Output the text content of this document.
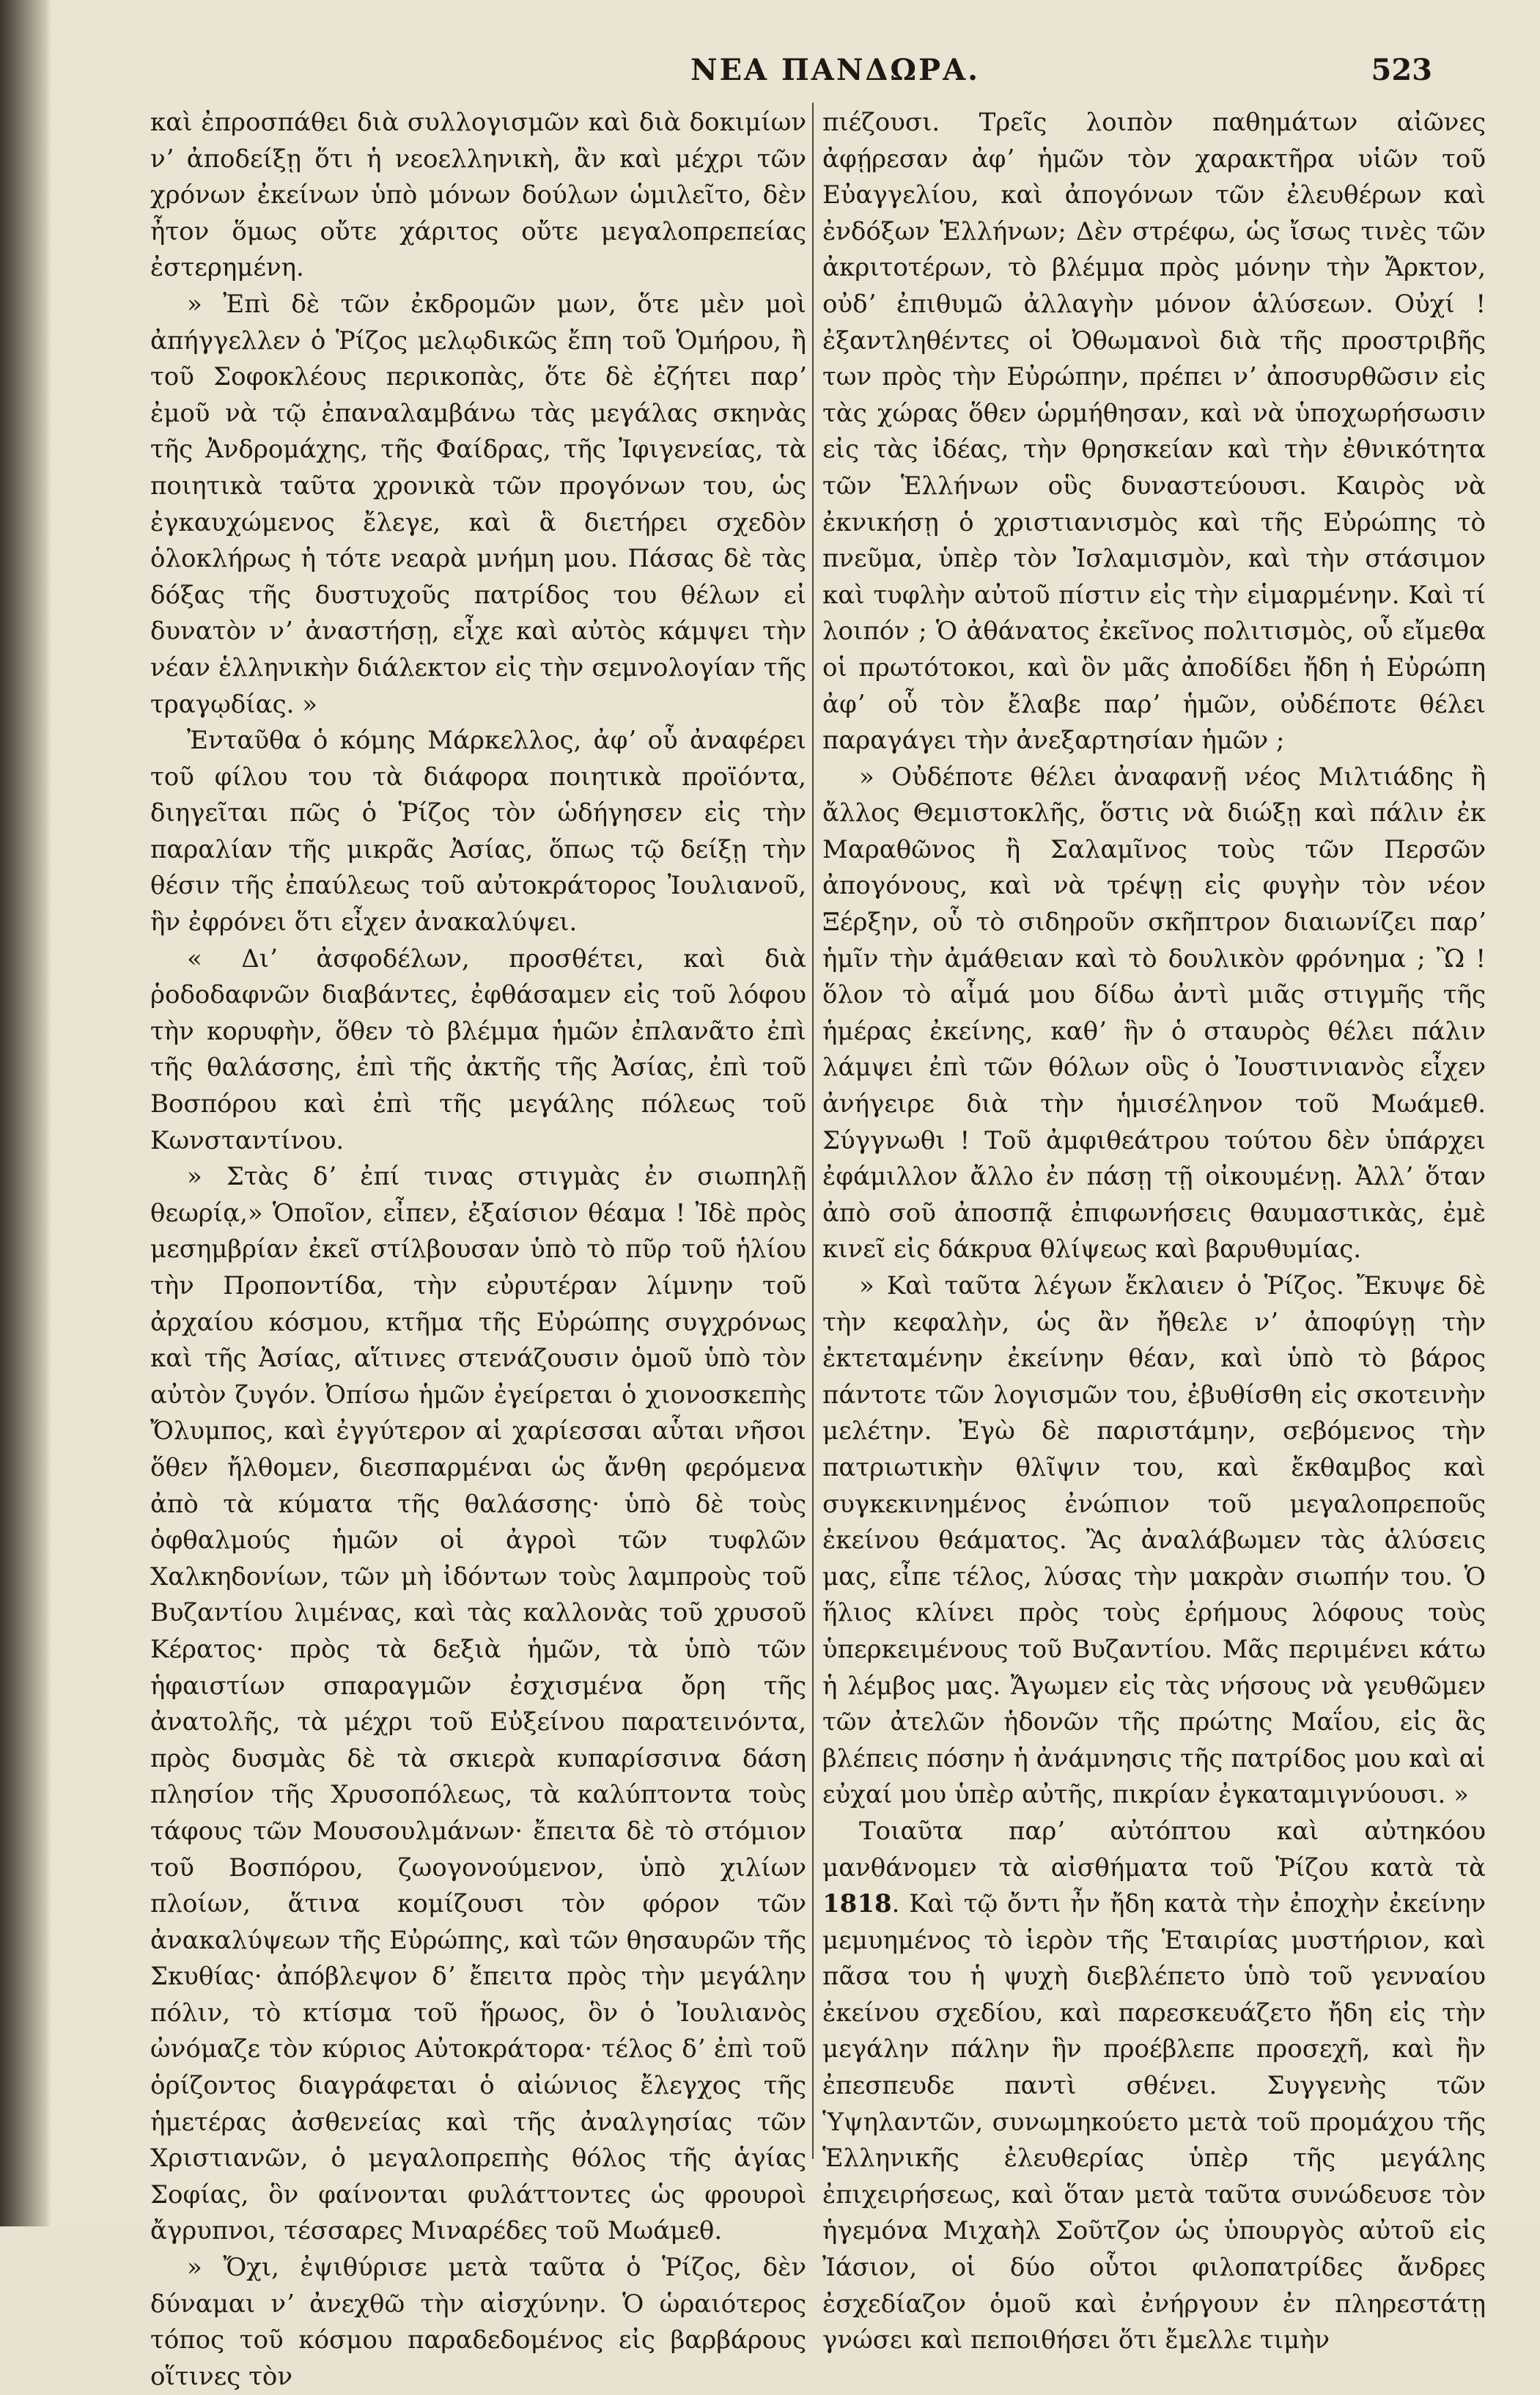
ΝΕΑ ΠΑΝΔΩΡΑ.	523

καὶ ἐπροσπάθει διὰ συλλογισμῶν καὶ διὰ δοκιμίων νʼ ἀποδείξῃ ὅτι ἡ νεοελληνικὴ, ἂν καὶ μέχρι τῶν χρόνων ἐκείνων ὑπὸ μόνων δούλων ὡμιλεῖτο, δὲν ἦτον ὅμως οὔτε χάριτος οὔτε μεγαλοπρεπείας ἐστερημένη.

» Ἐπὶ δὲ τῶν ἐκδρομῶν μων, ὅτε μὲν μοὶ ἀπήγγελλεν ὁ Ῥίζος μελῳδικῶς ἔπη τοῦ Ὁμήρου, ἢ τοῦ Σοφοκλέους περικοπὰς, ὅτε δὲ ἐζήτει παρʼ ἐμοῦ νὰ τῷ ἐπαναλαμβάνω τὰς μεγάλας σκηνὰς τῆς Ἀνδρομάχης, τῆς Φαίδρας, τῆς Ἰφιγενείας, τὰ ποιητικὰ ταῦτα χρονικὰ τῶν προγόνων του, ὡς ἐγκαυχώμενος ἔλεγε, καὶ ἃ διετήρει σχεδὸν ὁλοκλήρως ἡ τότε νεαρὰ μνήμη μου. Πάσας δὲ τὰς δόξας τῆς δυστυχοῦς πατρίδος του θέλων εἰ δυνατὸν νʼ ἀναστήσῃ, εἶχε καὶ αὐτὸς κάμψει τὴν νέαν ἑλληνικὴν διάλεκτον εἰς τὴν σεμνολογίαν τῆς τραγῳδίας. »

Ἐνταῦθα ὁ κόμης Μάρκελλος, ἀφʼ οὗ ἀναφέρει τοῦ φίλου του τὰ διάφορα ποιητικὰ προϊόντα, διηγεῖται πῶς ὁ Ῥίζος τὸν ὡδήγησεν εἰς τὴν παραλίαν τῆς μικρᾶς Ἀσίας, ὅπως τῷ δείξῃ τὴν θέσιν τῆς ἐπαύλεως τοῦ αὐτοκράτορος Ἰουλιανοῦ, ἣν ἐφρόνει ὅτι εἶχεν ἀνακαλύψει.

« Διʼ ἀσφοδέλων, προσθέτει, καὶ διὰ ῥοδοδαφνῶν διαβάντες, ἐφθάσαμεν εἰς τοῦ λόφου τὴν κορυφὴν, ὅθεν τὸ βλέμμα ἡμῶν ἐπλανᾶτο ἐπὶ τῆς θαλάσσης, ἐπὶ τῆς ἀκτῆς τῆς Ἀσίας, ἐπὶ τοῦ Βοσπόρου καὶ ἐπὶ τῆς μεγάλης πόλεως τοῦ Κωνσταντίνου.

» Στὰς δʼ ἐπί τινας στιγμὰς ἐν σιωπηλῇ θεωρίᾳ,» Ὁποῖον, εἶπεν, ἐξαίσιον θέαμα ! Ἰδὲ πρὸς μεσημβρίαν ἐκεῖ στίλβουσαν ὑπὸ τὸ πῦρ τοῦ ἡλίου τὴν Προποντίδα, τὴν εὐρυτέραν λίμνην τοῦ ἀρχαίου κόσμου, κτῆμα τῆς Εὐρώπης συγχρόνως καὶ τῆς Ἀσίας, αἵτινες στενάζουσιν ὁμοῦ ὑπὸ τὸν αὐτὸν ζυγόν. Ὀπίσω ἡμῶν ἐγείρεται ὁ χιονοσκεπὴς Ὄλυμπος, καὶ ἐγγύτερον αἱ χαρίεσσαι αὗται νῆσοι ὅθεν ἤλθομεν, διεσπαρμέναι ὡς ἄνθη φερόμενα ἀπὸ τὰ κύματα τῆς θαλάσσης· ὑπὸ δὲ τοὺς ὀφθαλμούς ἡμῶν οἱ ἀγροὶ τῶν τυφλῶν Χαλκηδονίων, τῶν μὴ ἰδόντων τοὺς λαμπροὺς τοῦ Βυζαντίου λιμένας, καὶ τὰς καλλονὰς τοῦ χρυσοῦ Κέρατος· πρὸς τὰ δεξιὰ ἡμῶν, τὰ ὑπὸ τῶν ἡφαιστίων σπαραγμῶν ἐσχισμένα ὄρη τῆς ἀνατολῆς, τὰ μέχρι τοῦ Εὐξείνου παρατεινόντα, πρὸς δυσμὰς δὲ τὰ σκιερὰ κυπαρίσσινα δάση πλησίον τῆς Χρυσοπόλεως, τὰ καλύπτοντα τοὺς τάφους τῶν Μουσουλμάνων· ἔπειτα δὲ τὸ στόμιον τοῦ Βοσπόρου, ζωογονούμενον, ὑπὸ χιλίων πλοίων, ἅτινα κομίζουσι τὸν φόρον τῶν ἀνακαλύψεων τῆς Εὐρώπης, καὶ τῶν θησαυρῶν τῆς Σκυθίας· ἀπόβλεψον δʼ ἔπειτα πρὸς τὴν μεγάλην πόλιν, τὸ κτίσμα τοῦ ἥρωος, ὃν ὁ Ἰουλιανὸς ὠνόμαζε τὸν κύριος Αὐτοκράτορα· τέλος δʼ ἐπὶ τοῦ ὁρίζοντος διαγράφεται ὁ αἰώνιος ἔλεγχος τῆς ἡμετέρας ἀσθενείας καὶ τῆς ἀναλγησίας τῶν Χριστιανῶν, ὁ μεγαλοπρεπὴς θόλος τῆς ἁγίας Σοφίας, ὃν φαίνονται φυλάττοντες ὡς φρουροὶ ἄγρυπνοι, τέσσαρες Μιναρέδες τοῦ Μωάμεθ.

» Ὄχι, ἐψιθύρισε μετὰ ταῦτα ὁ Ῥίζος, δὲν δύναμαι νʼ ἀνεχθῶ τὴν αἰσχύνην. Ὁ ὡραιότερος τόπος τοῦ κόσμου παραδεδομένος εἰς βαρβάρους οἵτινες τὸν

πιέζουσι. Τρεῖς λοιπὸν παθημάτων αἰῶνες ἀφῄρεσαν ἀφʼ ἡμῶν τὸν χαρακτῆρα υἱῶν τοῦ Εὐαγγελίου, καὶ ἀπογόνων τῶν ἐλευθέρων καὶ ἐνδόξων Ἑλλήνων; Δὲν στρέφω, ὡς ἴσως τινὲς τῶν ἀκριτοτέρων, τὸ βλέμμα πρὸς μόνην τὴν Ἄρκτον, οὐδʼ ἐπιθυμῶ ἀλλαγὴν μόνον ἁλύσεων. Οὐχί ! ἐξαντληθέντες οἱ Ὀθωμανοὶ διὰ τῆς προστριβῆς των πρὸς τὴν Εὐρώπην, πρέπει νʼ ἀποσυρθῶσιν εἰς τὰς χώρας ὅθεν ὡρμήθησαν, καὶ νὰ ὑποχωρήσωσιν εἰς τὰς ἰδέας, τὴν θρησκείαν καὶ τὴν ἐθνικότητα τῶν Ἑλλήνων οὓς δυναστεύουσι. Καιρὸς νὰ ἐκνικήσῃ ὁ χριστιανισμὸς καὶ τῆς Εὐρώπης τὸ πνεῦμα, ὑπὲρ τὸν Ἰσλαμισμὸν, καὶ τὴν στάσιμον καὶ τυφλὴν αὐτοῦ πίστιν εἰς τὴν εἱμαρμένην. Καὶ τί λοιπόν ; Ὁ ἀθάνατος ἐκεῖνος πολιτισμὸς, οὗ εἴμεθα οἱ πρωτότοκοι, καὶ ὃν μᾶς ἀποδίδει ἤδη ἡ Εὐρώπη ἀφʼ οὗ τὸν ἔλαβε παρʼ ἡμῶν, οὐδέποτε θέλει παραγάγει τὴν ἀνεξαρτησίαν ἡμῶν ;

» Οὐδέποτε θέλει ἀναφανῇ νέος Μιλτιάδης ἢ ἄλλος Θεμιστοκλῆς, ὅστις νὰ διώξῃ καὶ πάλιν ἐκ Μαραθῶνος ἢ Σαλαμῖνος τοὺς τῶν Περσῶν ἀπογόνους, καὶ νὰ τρέψῃ εἰς φυγὴν τὸν νέον Ξέρξην, οὗ τὸ σιδηροῦν σκῆπτρον διαιωνίζει παρʼ ἡμῖν τὴν ἀμάθειαν καὶ τὸ δουλικὸν φρόνημα ; Ὢ ! ὅλον τὸ αἷμά μου δίδω ἀντὶ μιᾶς στιγμῆς τῆς ἡμέρας ἐκείνης, καθʼ ἣν ὁ σταυρὸς θέλει πάλιν λάμψει ἐπὶ τῶν θόλων οὓς ὁ Ἰουστινιανὸς εἶχεν ἀνήγειρε διὰ τὴν ἡμισέληνον τοῦ Μωάμεθ. Σύγγνωθι ! Τοῦ ἀμφιθεάτρου τούτου δὲν ὑπάρχει ἐφάμιλλον ἄλλο ἐν πάσῃ τῇ οἰκουμένῃ. Ἀλλʼ ὅταν ἀπὸ σοῦ ἀποσπᾷ ἐπιφωνήσεις θαυμαστικὰς, ἐμὲ κινεῖ εἰς δάκρυα θλίψεως καὶ βαρυθυμίας.

» Καὶ ταῦτα λέγων ἔκλαιεν ὁ Ῥίζος. Ἔκυψε δὲ τὴν κεφαλὴν, ὡς ἂν ἤθελε νʼ ἀποφύγῃ τὴν ἐκτεταμένην ἐκείνην θέαν, καὶ ὑπὸ τὸ βάρος πάντοτε τῶν λογισμῶν του, ἐβυθίσθη εἰς σκοτεινὴν μελέτην. Ἐγὼ δὲ παριστάμην, σεβόμενος τὴν πατριωτικὴν θλῖψιν του, καὶ ἔκθαμβος καὶ συγκεκινημένος ἐνώπιον τοῦ μεγαλοπρεποῦς ἐκείνου θεάματος. Ἂς ἀναλάβωμεν τὰς ἁλύσεις μας, εἶπε τέλος, λύσας τὴν μακρὰν σιωπήν του. Ὁ ἥλιος κλίνει πρὸς τοὺς ἐρήμους λόφους τοὺς ὑπερκειμένους τοῦ Βυζαντίου. Μᾶς περιμένει κάτω ἡ λέμβος μας. Ἄγωμεν εἰς τὰς νήσους νὰ γευθῶμεν τῶν ἀτελῶν ἡδονῶν τῆς πρώτης Μαΐου, εἰς ἃς βλέπεις πόσην ἡ ἀνάμνησις τῆς πατρίδος μου καὶ αἱ εὐχαί μου ὑπὲρ αὐτῆς, πικρίαν ἐγκαταμιγνύουσι. »

Τοιαῦτα παρʼ αὐτόπτου καὶ αὐτηκόου μανθάνομεν τὰ αἰσθήματα τοῦ Ῥίζου κατὰ τὰ 1818. Καὶ τῷ ὄντι ἦν ἤδη κατὰ τὴν ἐποχὴν ἐκείνην μεμυημένος τὸ ἱερὸν τῆς Ἑταιρίας μυστήριον, καὶ πᾶσα του ἡ ψυχὴ διεβλέπετο ὑπὸ τοῦ γενναίου ἐκείνου σχεδίου, καὶ παρεσκευάζετο ἤδη εἰς τὴν μεγάλην πάλην ἣν προέβλεπε προσεχῆ, καὶ ἣν ἐπεσπευδε παντὶ σθένει. Συγγενὴς τῶν Ὑψηλαντῶν, συνωμηκούετο μετὰ τοῦ προμάχου τῆς Ἑλληνικῆς ἐλευθερίας ὑπὲρ τῆς μεγάλης ἐπιχειρήσεως, καὶ ὅταν μετὰ ταῦτα συνώδευσε τὸν ἡγεμόνα Μιχαὴλ Σοῦτζον ὡς ὑπουργὸς αὐτοῦ εἰς Ἰάσιον, οἱ δύο οὗτοι φιλοπατρίδες ἄνδρες ἐσχεδίαζον ὁμοῦ καὶ ἐνήργουν ἐν πληρεστάτῃ γνώσει καὶ πεποιθήσει ὅτι ἔμελλε τιμὴν
